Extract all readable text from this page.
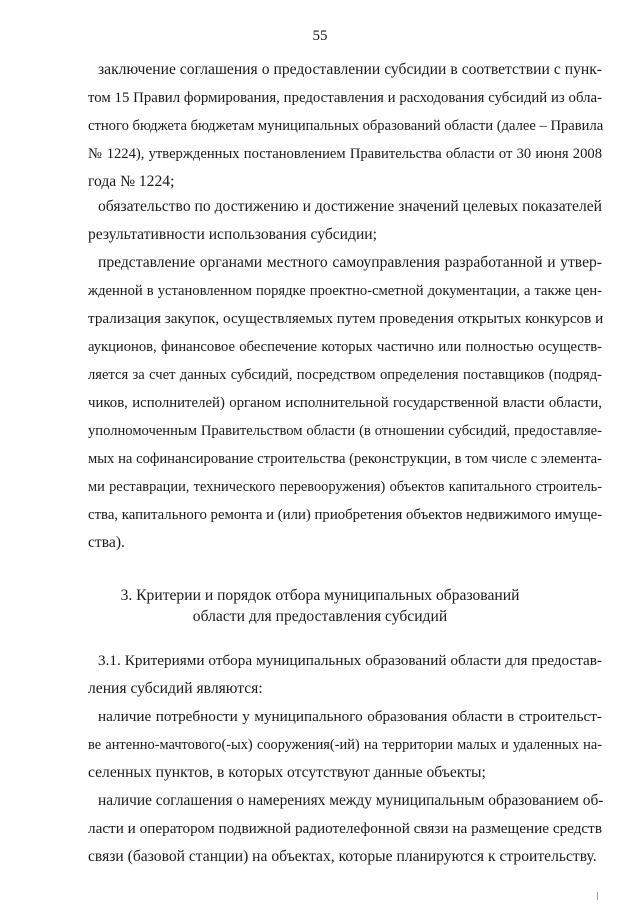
55
заключение соглашения о предоставлении субсидии в соответствии с пунк-
том 15 Правил формирования, предоставления и расходования субсидий из обла-
стного бюджета бюджетам муниципальных образований области (далее – Правила
№ 1224), утвержденных постановлением Правительства области от 30 июня 2008
года № 1224;
обязательство по достижению и достижение значений целевых показателей
результативности использования субсидии;
представление органами местного самоуправления разработанной и утвер-
жденной в установленном порядке проектно-сметной документации, а также цен-
трализация закупок, осуществляемых путем проведения открытых конкурсов и
аукционов, финансовое обеспечение которых частично или полностью осуществ-
ляется за счет данных субсидий, посредством определения поставщиков (подряд-
чиков, исполнителей) органом исполнительной государственной власти области,
уполномоченным Правительством области (в отношении субсидий, предоставляе-
мых на софинансирование строительства (реконструкции, в том числе с элемента-
ми реставрации, технического перевооружения) объектов капитального строитель-
ства, капитального ремонта и (или) приобретения объектов недвижимого имуще-
ства).
3. Критерии и порядок отбора муниципальных образований
области для предоставления субсидий
3.1. Критериями отбора муниципальных образований области для предостав-
ления субсидий являются:
наличие потребности у муниципального образования области в строительст-
ве антенно-мачтового(-ых) сооружения(-ий) на территории малых и удаленных на-
селенных пунктов, в которых отсутствуют данные объекты;
наличие соглашения о намерениях между муниципальным образованием об-
ласти и оператором подвижной радиотелефонной связи на размещение средств
связи (базовой станции) на объектах, которые планируются к строительству.
